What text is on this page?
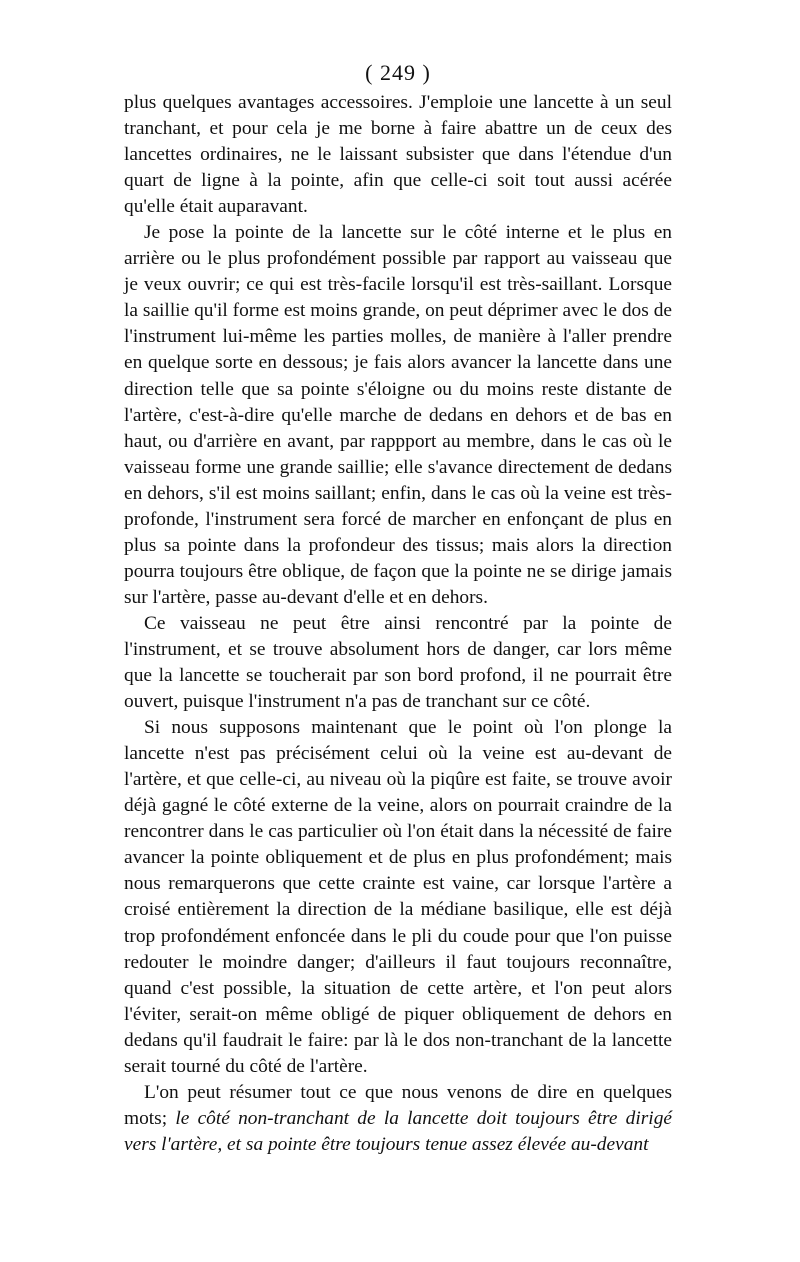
( 249 )

plus quelques avantages accessoires. J'emploie une lancette à un seul tranchant, et pour cela je me borne à faire abattre un de ceux des lancettes ordinaires, ne le laissant subsister que dans l'étendue d'un quart de ligne à la pointe, afin que celle-ci soit tout aussi acérée qu'elle était auparavant.

Je pose la pointe de la lancette sur le côté interne et le plus en arrière ou le plus profondément possible par rapport au vaisseau que je veux ouvrir; ce qui est très-facile lorsqu'il est très-saillant. Lorsque la saillie qu'il forme est moins grande, on peut déprimer avec le dos de l'instrument lui-même les parties molles, de manière à l'aller prendre en quelque sorte en dessous; je fais alors avancer la lancette dans une direction telle que sa pointe s'éloigne ou du moins reste distante de l'artère, c'est-à-dire qu'elle marche de dedans en dehors et de bas en haut, ou d'arrière en avant, par rappport au membre, dans le cas où le vaisseau forme une grande saillie; elle s'avance directement de dedans en dehors, s'il est moins saillant; enfin, dans le cas où la veine est très-profonde, l'instrument sera forcé de marcher en enfonçant de plus en plus sa pointe dans la profondeur des tissus; mais alors la direction pourra toujours être oblique, de façon que la pointe ne se dirige jamais sur l'artère, passe au-devant d'elle et en dehors.

Ce vaisseau ne peut être ainsi rencontré par la pointe de l'instrument, et se trouve absolument hors de danger, car lors même que la lancette se toucherait par son bord profond, il ne pourrait être ouvert, puisque l'instrument n'a pas de tranchant sur ce côté.

Si nous supposons maintenant que le point où l'on plonge la lancette n'est pas précisément celui où la veine est au-devant de l'artère, et que celle-ci, au niveau où la piqûre est faite, se trouve avoir déjà gagné le côté externe de la veine, alors on pourrait craindre de la rencontrer dans le cas particulier où l'on était dans la nécessité de faire avancer la pointe obliquement et de plus en plus profondément; mais nous remarquerons que cette crainte est vaine, car lorsque l'artère a croisé entièrement la direction de la médiane basilique, elle est déjà trop profondément enfoncée dans le pli du coude pour que l'on puisse redouter le moindre danger; d'ailleurs il faut toujours reconnaître, quand c'est possible, la situation de cette artère, et l'on peut alors l'éviter, serait-on même obligé de piquer obliquement de dehors en dedans qu'il faudrait le faire: par là le dos non-tranchant de la lancette serait tourné du côté de l'artère.

L'on peut résumer tout ce que nous venons de dire en quelques mots; le côté non-tranchant de la lancette doit toujours être dirigé vers l'artère, et sa pointe être toujours tenue assez élevée au-devant
